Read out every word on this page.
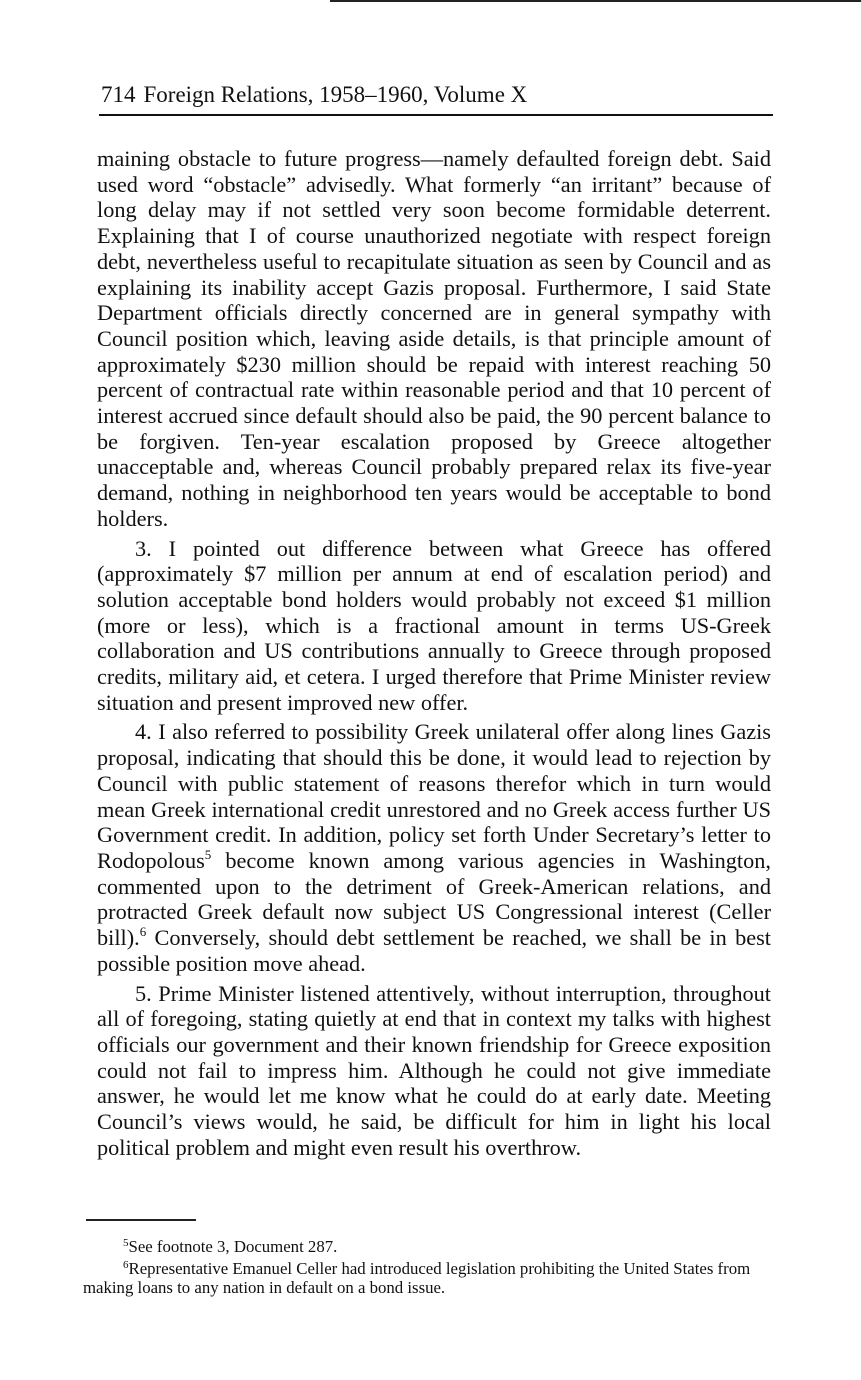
714 Foreign Relations, 1958–1960, Volume X

maining obstacle to future progress—namely defaulted foreign debt. Said used word “obstacle” advisedly. What formerly “an irritant” because of long delay may if not settled very soon become formidable deterrent. Explaining that I of course unauthorized negotiate with respect foreign debt, nevertheless useful to recapitulate situation as seen by Council and as explaining its inability accept Gazis proposal. Furthermore, I said State Department officials directly concerned are in general sympathy with Council position which, leaving aside details, is that principle amount of approximately $230 million should be repaid with interest reaching 50 percent of contractual rate within reasonable period and that 10 percent of interest accrued since default should also be paid, the 90 percent balance to be forgiven. Ten-year escalation proposed by Greece altogether unacceptable and, whereas Council probably prepared relax its five-year demand, nothing in neighborhood ten years would be acceptable to bond holders.

3. I pointed out difference between what Greece has offered (approximately $7 million per annum at end of escalation period) and solution acceptable bond holders would probably not exceed $1 million (more or less), which is a fractional amount in terms US-Greek collaboration and US contributions annually to Greece through proposed credits, military aid, et cetera. I urged therefore that Prime Minister review situation and present improved new offer.

4. I also referred to possibility Greek unilateral offer along lines Gazis proposal, indicating that should this be done, it would lead to rejection by Council with public statement of reasons therefor which in turn would mean Greek international credit unrestored and no Greek access further US Government credit. In addition, policy set forth Under Secretary’s letter to Rodopolous$^5$ become known among various agencies in Washington, commented upon to the detriment of Greek-American relations, and protracted Greek default now subject US Congressional interest (Celler bill).$^6$ Conversely, should debt settlement be reached, we shall be in best possible position move ahead.

5. Prime Minister listened attentively, without interruption, throughout all of foregoing, stating quietly at end that in context my talks with highest officials our government and their known friendship for Greece exposition could not fail to impress him. Although he could not give immediate answer, he would let me know what he could do at early date. Meeting Council’s views would, he said, be difficult for him in light his local political problem and might even result his overthrow.

$^5$See footnote 3, Document 287.

$^6$Representative Emanuel Celler had introduced legislation prohibiting the United States from making loans to any nation in default on a bond issue.
